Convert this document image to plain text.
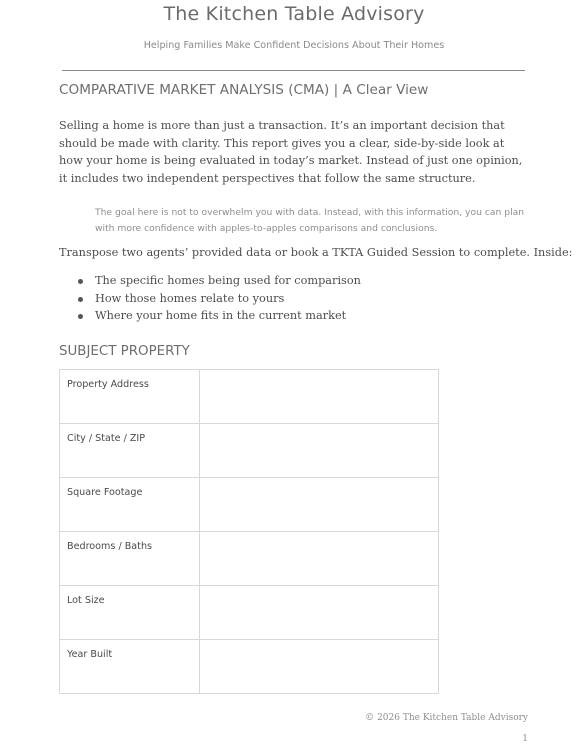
The Kitchen Table Advisory
Helping Families Make Confident Decisions About Their Homes
COMPARATIVE MARKET ANALYSIS (CMA) | A Clear View

Selling a home is more than just a transaction. It’s an important decision that should be made with clarity. This report gives you a clear, side-by-side look at how your home is being evaluated in today’s market. Instead of just one opinion, it includes two independent perspectives that follow the same structure.

The goal here is not to overwhelm you with data. Instead, with this information, you can plan with more confidence with apples-to-apples comparisons and conclusions.

Transpose two agents’ provided data or book a TKTA Guided Session to complete. Inside:
The specific homes being used for comparison
How those homes relate to yours
Where your home fits in the current market
SUBJECT PROPERTY
Property Address	
City / State / ZIP	
Square Footage	
Bedrooms / Baths	
Lot Size	
Year Built	
© 2026 The Kitchen Table Advisory
1
